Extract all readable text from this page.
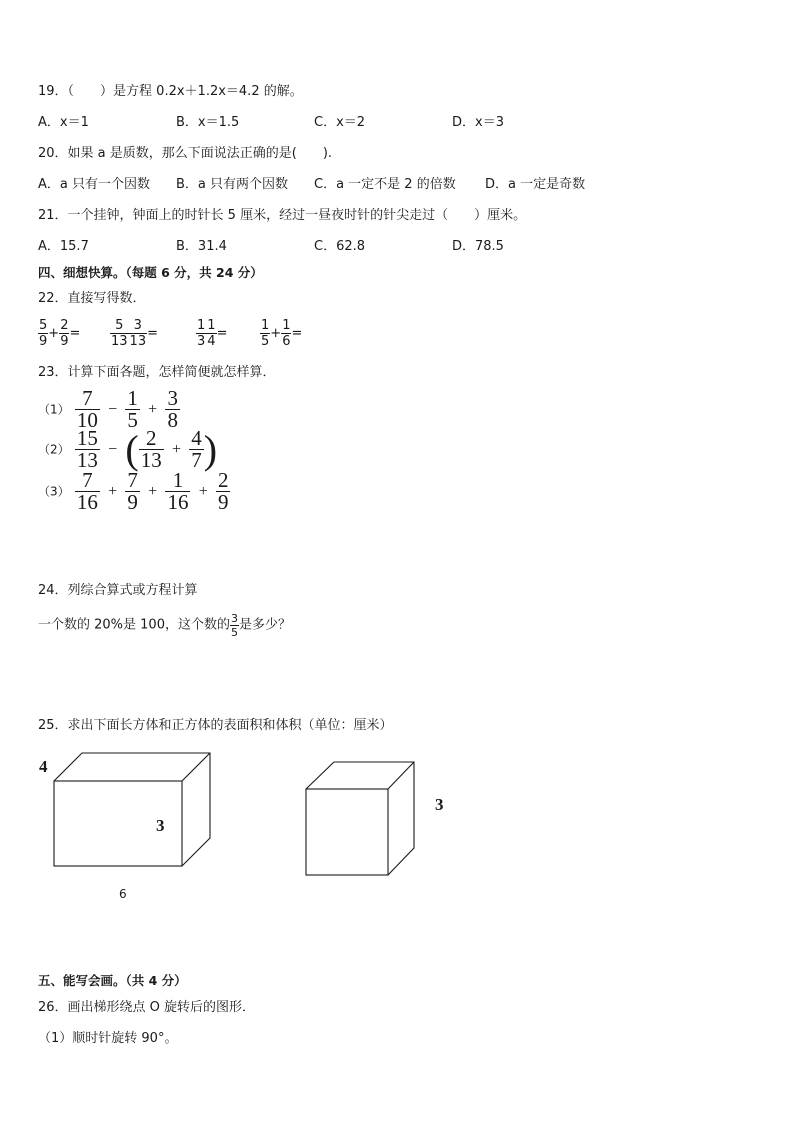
19．（　　）是方程 0.2x＋1.2x＝4.2 的解。
A．x＝1	B．x＝1.5	C．x＝2	D．x＝3
20．如果 a 是质数，那么下面说法正确的是(　　).
A．a 只有一个因数 B．a 只有两个因数 C．a 一定不是 2 的倍数 D．a 一定是奇数
21．一个挂钟，钟面上的时针长 5 厘米，经过一昼夜时针的针尖走过（　　）厘米。
A．15.7	B．31.4	C．62.8	D．78.5
四、细想快算。（每题 6 分，共 24 分）
22．直接写得数．
$\frac{5}{9} + \frac{2}{9} = \frac{5}{13} \frac{3}{13}$ =	$\frac{1}{3} \frac{1}{4}$ =	$\frac{1}{5} + \frac{1}{6}$ =
23．计算下面各题，怎样简便就怎样算．
$(1) \frac{7}{10} - \frac{1}{5} + \frac{3}{8}$
$(2) \frac{15}{13}$ − ( $\frac{2}{13} + \frac{4}{7}$ )
$(3) \frac{7}{16} + \frac{7}{9} + \frac{1}{16} + \frac{2}{9}$
24．列综合算式或方程计算
一个数的 20%是 100，这个数的 $\frac{3}{5}$ 是多少？
25．求出下面长方体和正方体的表面积和体积（单位：厘米）
4
3
6
3
五、能写会画。（共 4 分）
26．画出梯形绕点 O 旋转后的图形．
（1）顺时针旋转 90°。
